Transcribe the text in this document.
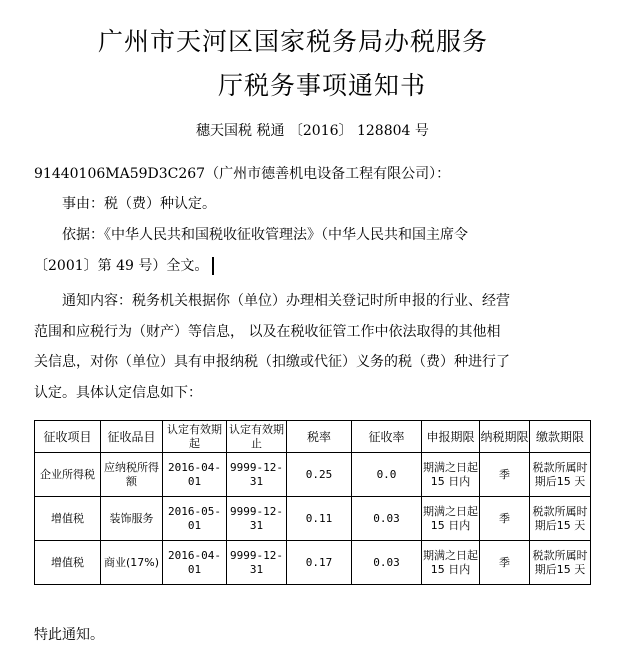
广州市天河区国家税务局办税服务
厅税务事项通知书
穗天国税 税通 〔2016〕 128804 号
91440106MA59D3C267（广州市德善机电设备工程有限公司）：
事由：税（费）种认定。
依据：《中华人民共和国税收征收管理法》（中华人民共和国主席令
〔2001〕第 49 号）全文。
通知内容：税务机关根据你（单位）办理相关登记时所申报的行业、经营
范围和应税行为（财产）等信息， 以及在税收征管工作中依法取得的其他相
关信息，对你（单位）具有申报纳税（扣缴或代征）义务的税（费）种进行了
认定。具体认定信息如下：
征收项目	征收品目	认定有效期起	认定有效期止	税率	征收率	申报期限	纳税期限	缴款期限
企业所得税	应纳税所得额	2016-04-01	9999-12-31	0.25	0.0	期满之日起15 日内	季	税款所属时期后15 天
增值税	装饰服务	2016-05-01	9999-12-31	0.11	0.03	期满之日起15 日内	季	税款所属时期后15 天
增值税	商业(17%)	2016-04-01	9999-12-31	0.17	0.03	期满之日起15 日内	季	税款所属时期后15 天
特此通知。
